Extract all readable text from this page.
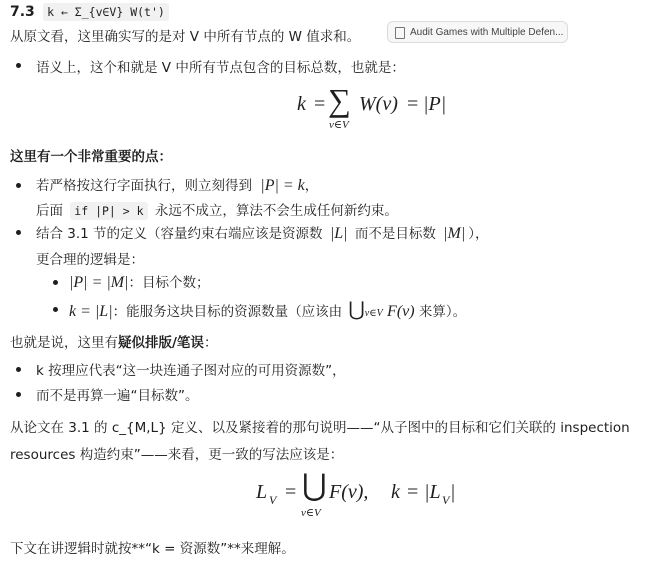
7.3 k ← Σ_{v∈V} W(t')
从原文看，这里确实写的是对 V 中所有节点的 W 值求和。	Audit Games with Multiple Defen...
语义上，这个和就是 V 中所有节点包含的目标总数，也就是：
k = ∑
v∈V
W(v) = |P|
这里有一个非常重要的点：
若严格按这行字面执行，则立刻得到 |P| = k，
后面 if |P| > k 永远不成立，算法不会生成任何新约束。
结合 3.1 节的定义（容量约束右端应该是资源数 |L| 而不是目标数 |M| ），
更合理的逻辑是：
|P| = |M|：目标个数；
k = |L|：能服务这块目标的资源数量（应该由 ⋃v∈V F(v) 来算）。
也就是说，这里有疑似排版/笔误：
k 按理应代表“这一块连通子图对应的可用资源数”，
而不是再算一遍“目标数”。
从论文在 3.1 的 c_{M,L} 定义、以及紧接着的那句说明——“从子图中的目标和它们关联的 inspection
resources 构造约束”——来看，更一致的写法应该是：
L V = ⋃
v∈V
F(v), k = |L V |
下文在讲逻辑时就按**“k = 资源数”**来理解。
